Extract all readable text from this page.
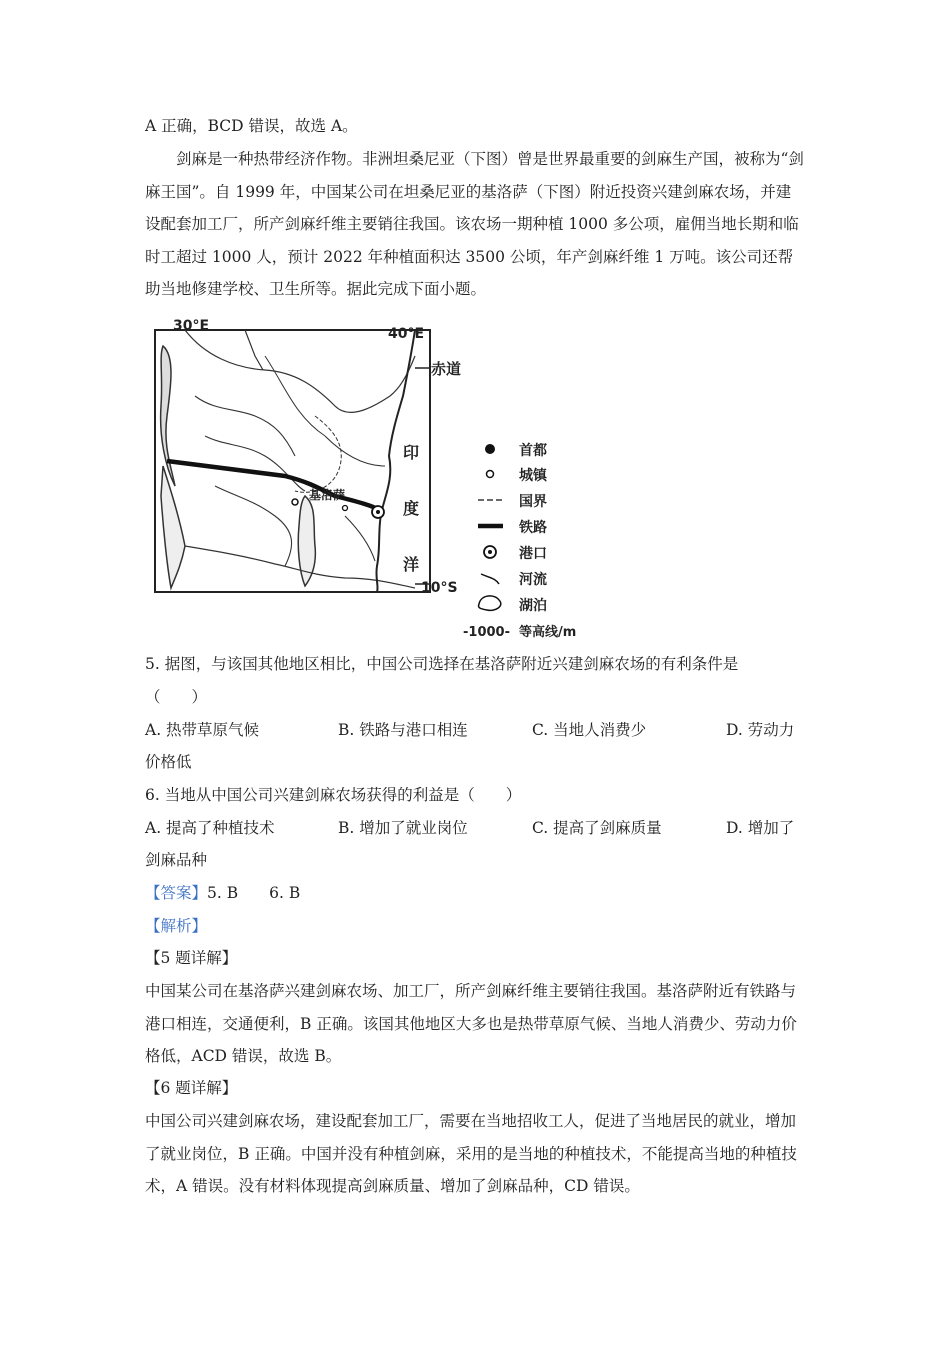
A 正确，BCD 错误，故选 A。
剑麻是一种热带经济作物。非洲坦桑尼亚（下图）曾是世界最重要的剑麻生产国，被称为“剑麻王国”。自 1999 年，中国某公司在坦桑尼亚的基洛萨（下图）附近投资兴建剑麻农场，并建设配套加工厂，所产剑麻纤维主要销往我国。该农场一期种植 1000 多公项，雇佣当地长期和临时工超过 1000 人，预计 2022 年种植面积达 3500 公顷，年产剑麻纤维 1 万吨。该公司还帮助当地修建学校、卫生所等。据此完成下面小题。
30°E	40°E
赤道
10°S
印
度
洋
基洛萨
首都
城镇
国界
铁路
港口
河流
湖泊
-1000- 等高线/m
5. 据图，与该国其他地区相比，中国公司选择在基洛萨附近兴建剑麻农场的有利条件是
（　　）
A. 热带草原气候	B. 铁路与港口相连	C. 当地人消费少	D. 劳动力
价格低
6. 当地从中国公司兴建剑麻农场获得的利益是（　　）
A. 提高了种植技术	B. 增加了就业岗位	C. 提高了剑麻质量	D. 增加了
剑麻品种
【答案】5. B　　6. B
【解析】
【5 题详解】
中国某公司在基洛萨兴建剑麻农场、加工厂，所产剑麻纤维主要销往我国。基洛萨附近有铁路与港口相连，交通便利，B 正确。该国其他地区大多也是热带草原气候、当地人消费少、劳动力价格低，ACD 错误，故选 B。
【6 题详解】
中国公司兴建剑麻农场，建设配套加工厂，需要在当地招收工人，促进了当地居民的就业，增加了就业岗位，B 正确。中国并没有种植剑麻，采用的是当地的种植技术，不能提高当地的种植技术，A 错误。没有材料体现提高剑麻质量、增加了剑麻品种，CD 错误。
